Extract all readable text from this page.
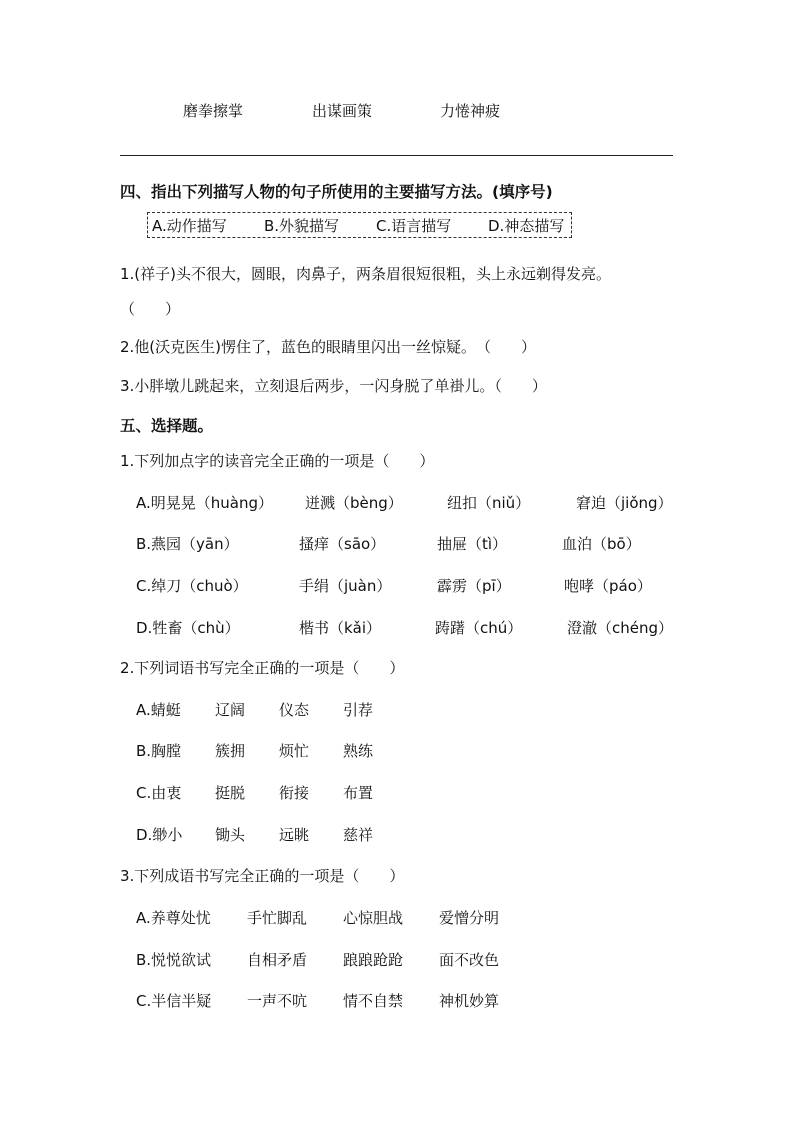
磨拳擦掌	出谋画策	力惓神疲
四、指出下列描写人物的句子所使用的主要描写方法。(填序号)
A.动作描写 B.外貌描写 C.语言描写 D.神态描写
1.(祥子)头不很大，圆眼，肉鼻子，两条眉很短很粗，头上永远剃得发亮。
（　　）
2.他(沃克医生)愣住了，蓝色的眼睛里闪出一丝惊疑。　（　　）
3.小胖墩儿跳起来，立刻退后两步，一闪身脱了单褂儿。（　　）
五、选择题。
1.下列加点字的读音完全正确的一项是（　　）
A.明晃晃（huàng） 迸溅（bèng）	纽扣（niǔ）	窘迫（jiǒng）
B.燕园（yān）	搔痒（sāo）	抽屉（tì）	血泊（bō）
C.绰刀（chuò）	手绢（juàn）	霹雳（pī）	咆哮（páo）
D.牲畜（chù）	楷书（kǎi）	踌躇（chú）	澄澈（chéng）
2.下列词语书写完全正确的一项是（　　）
A.蜻蜓 辽阔 仪态 引荐
B.胸膛 簇拥 烦忙 熟练
C.由衷 挺脱 衔接 布置
D.缈小 锄头 远眺 慈祥
3.下列成语书写完全正确的一项是（　　）
A.养尊处忧 手忙脚乱 心惊胆战 爱憎分明
B.悦悦欲试 自相矛盾 踉踉跄跄 面不改色
C.半信半疑 一声不吭 情不自禁 神机妙算
